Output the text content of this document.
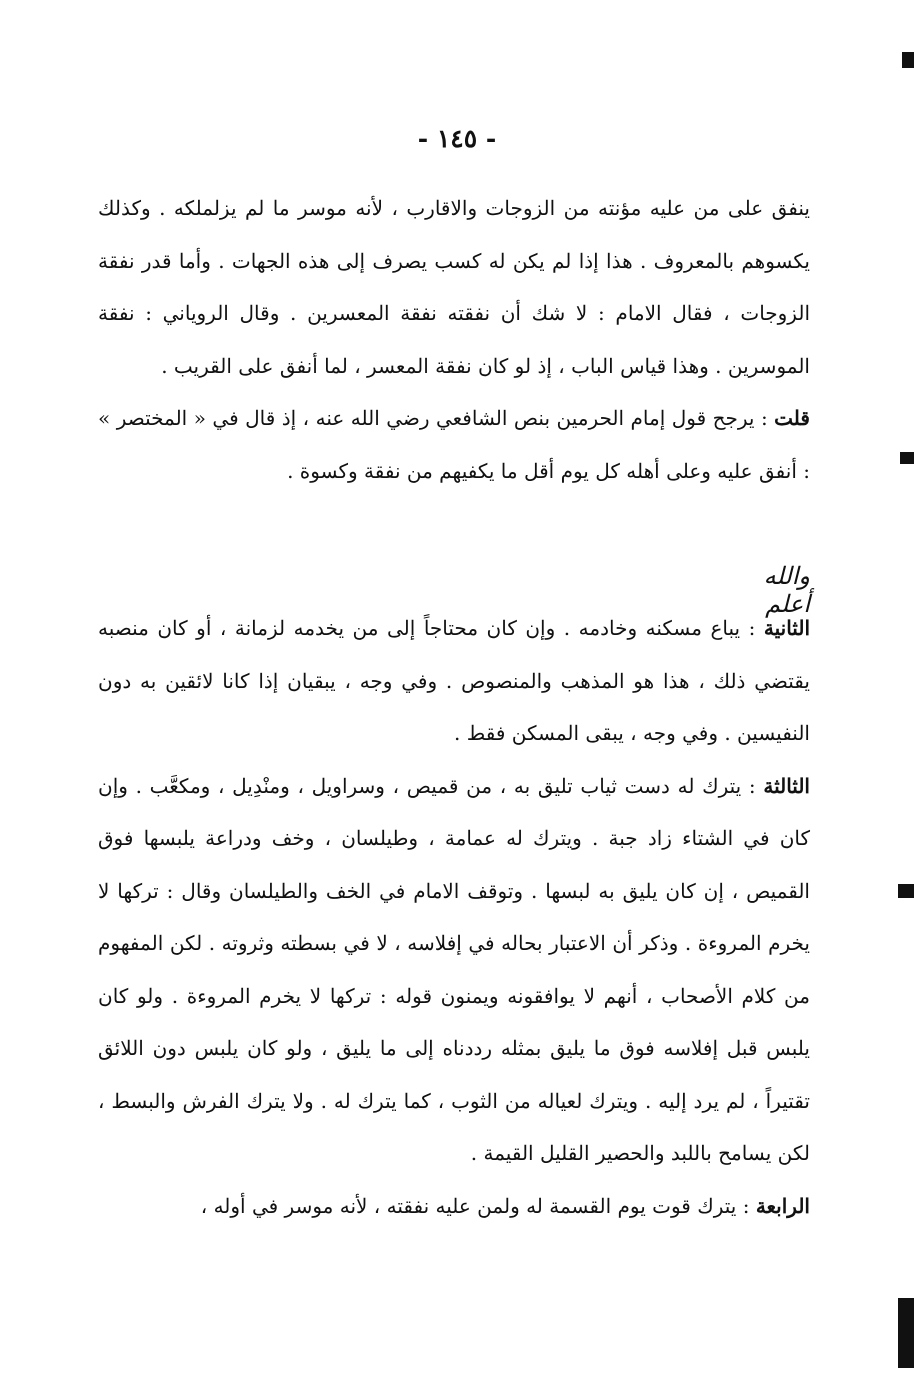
- ١٤٥ -

ينفق على من عليه مؤنته من الزوجات والاقارب ، لأنه موسر ما لم يزلملكه . وكذلك يكسوهم بالمعروف . هذا إذا لم يكن له كسب يصرف إلى هذه الجهات . وأما قدر نفقة الزوجات ، فقال الامام : لا شك أن نفقته نفقة المعسرين . وقال الروياني : نفقة الموسرين . وهذا قياس الباب ، إذ لو كان نفقة المعسر ، لما أنفق على القريب .

قلت : يرجح قول إمام الحرمين بنص الشافعي رضي الله عنه ، إذ قال في « المختصر » : أنفق عليه وعلى أهله كل يوم أقل ما يكفيهم من نفقة وكسوة .

الثانية : يباع مسكنه وخادمه . وإن كان محتاجاً إلى من يخدمه لزمانة ، أو كان منصبه يقتضي ذلك ، هذا هو المذهب والمنصوص . وفي وجه ، يبقيان إذا كانا لائقين به دون النفيسين . وفي وجه ، يبقى المسكن فقط .

الثالثة : يترك له دست ثياب تليق به ، من قميص ، وسراويل ، ومنْدِيل ، ومكعَّب . وإن كان في الشتاء زاد جبة . ويترك له عمامة ، وطيلسان ، وخف ودراعة يلبسها فوق القميص ، إن كان يليق به لبسها . وتوقف الامام في الخف والطيلسان وقال : تركها لا يخرم المروءة . وذكر أن الاعتبار بحاله في إفلاسه ، لا في بسطته وثروته . لكن المفهوم من كلام الأصحاب ، أنهم لا يوافقونه ويمنون قوله : تركها لا يخرم المروءة . ولو كان يلبس قبل إفلاسه فوق ما يليق بمثله رددناه إلى ما يليق ، ولو كان يلبس دون اللائق تقتيراً ، لم يرد إليه . ويترك لعياله من الثوب ، كما يترك له . ولا يترك الفرش والبسط ، لكن يسامح باللبد والحصير القليل القيمة .

الرابعة : يترك قوت يوم القسمة له ولمن عليه نفقته ، لأنه موسر في أوله ،

والله أعلم
